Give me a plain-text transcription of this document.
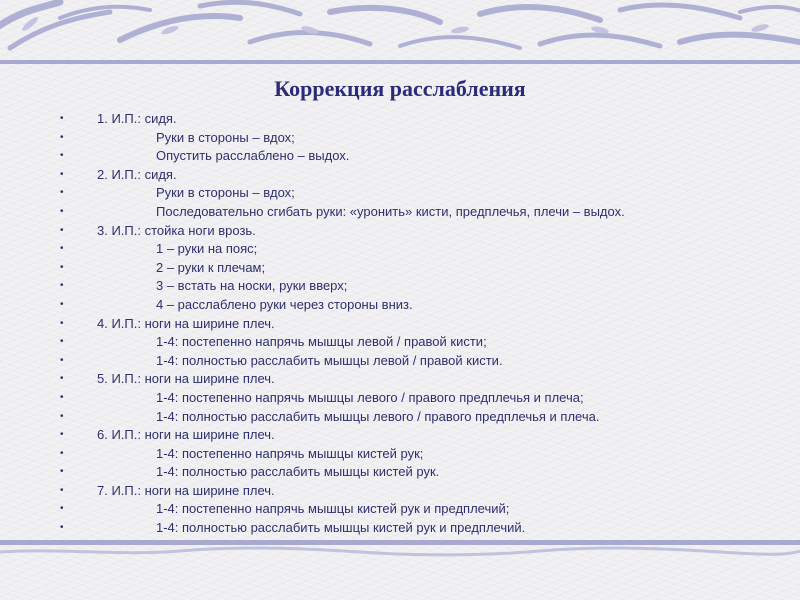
Коррекция расслабления
•	1. И.П.: сидя.
•	Руки в стороны – вдох;
•	Опустить расслаблено – выдох.
•	2. И.П.: сидя.
•	Руки в стороны – вдох;
•	Последовательно сгибать руки: «уронить» кисти, предплечья, плечи – выдох.
•	3. И.П.: стойка ноги врозь.
•	1 – руки на пояс;
•	2 – руки к плечам;
•	3 – встать на носки, руки вверх;
•	4 – расслаблено руки через стороны вниз.
•	4. И.П.: ноги на ширине плеч.
•	1-4: постепенно напрячь мышцы левой / правой кисти;
•	1-4: полностью расслабить мышцы левой / правой кисти.
•	5. И.П.: ноги на ширине плеч.
•	1-4: постепенно напрячь мышцы левого / правого предплечья и плеча;
•	1-4: полностью расслабить мышцы левого / правого предплечья и плеча.
•	6. И.П.: ноги на ширине плеч.
•	1-4: постепенно напрячь мышцы кистей рук;
•	1-4: полностью расслабить мышцы кистей рук.
•	7. И.П.: ноги на ширине плеч.
•	1-4: постепенно напрячь мышцы кистей рук и предплечий;
•	1-4: полностью расслабить мышцы кистей рук и предплечий.
